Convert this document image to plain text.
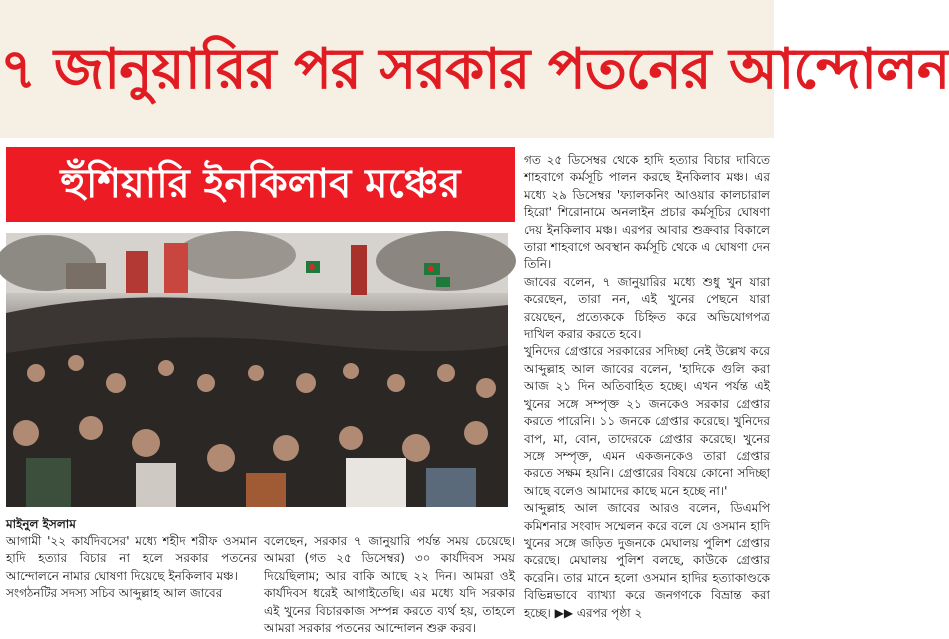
৭ জানুয়ারির পর সরকার পতনের আন্দোলন
হুঁশিয়ারি ইনকিলাব মঞ্চের
মাইনুল ইসলাম

আগামী '২২ কার্যদিবসের' মধ্যে শহীদ শরীফ ওসমান হাদি হত্যার বিচার না হলে সরকার পতনের আন্দোলনে নামার ঘোষণা দিয়েছে ইনকিলাব মঞ্চ।

সংগঠনটির সদস্য সচিব আব্দুল্লাহ আল জাবের

বলেছেন, সরকার ৭ জানুয়ারি পর্যন্ত সময় চেয়েছে। আমরা (গত ২৫ ডিসেম্বর) ৩০ কার্যদিবস সময় দিয়েছিলাম; আর বাকি আছে ২২ দিন। আমরা ওই কার্যদিবস ধরেই আগাইতেছি। এর মধ্যে যদি সরকার এই খুনের বিচারকাজ সম্পন্ন করতে ব্যর্থ হয়, তাহলে আমরা সরকার পতনের আন্দোলন শুরু করব।

গত ২৫ ডিসেম্বর থেকে হাদি হত্যার বিচার দাবিতে শাহবাগে কর্মসূচি পালন করছে ইনকিলাব মঞ্চ। এর মধ্যে ২৯ ডিসেম্বর 'ফ্যালকনিং আওয়ার কালচারাল হিরো' শিরোনামে অনলাইন প্রচার কর্মসূচির ঘোষণা দেয় ইনকিলাব মঞ্চ। এরপর আবার শুক্রবার বিকালে তারা শাহবাগে অবস্থান কর্মসূচি থেকে এ ঘোষণা দেন তিনি।

জাবের বলেন, ৭ জানুয়ারির মধ্যে শুধু খুন যারা করেছেন, তারা নন, এই খুনের পেছনে যারা রয়েছেন, প্রত্যেককে চিহ্নিত করে অভিযোগপত্র দাখিল করার করতে হবে।

খুনিদের গ্রেপ্তারে সরকারের সদিচ্ছা নেই উল্লেখ করে আব্দুল্লাহ আল জাবের বলেন, 'হাদিকে গুলি করা আজ ২১ দিন অতিবাহিত হচ্ছে। এখন পর্যন্ত এই খুনের সঙ্গে সম্পৃক্ত ২১ জনকেও সরকার গ্রেপ্তার করতে পারেনি। ১১ জনকে গ্রেপ্তার করেছে। খুনিদের বাপ, মা, বোন, তাদেরকে গ্রেপ্তার করেছে। খুনের সঙ্গে সম্পৃক্ত, এমন একজনকেও তারা গ্রেপ্তার করতে সক্ষম হয়নি। গ্রেপ্তারের বিষয়ে কোনো সদিচ্ছা আছে বলেও আমাদের কাছে মনে হচ্ছে না।'

আব্দুল্লাহ আল জাবের আরও বলেন, ডিএমপি কমিশনার সংবাদ সম্মেলন করে বলে যে ওসমান হাদি খুনের সঙ্গে জড়িত দুজনকে মেঘালয় পুলিশ গ্রেপ্তার করেছে। মেঘালয় পুলিশ বলছে, কাউকে গ্রেপ্তার করেনি। তার মানে হলো ওসমান হাদির হত্যাকাণ্ডকে বিভিন্নভাবে ব্যাখ্যা করে জনগণকে বিভ্রান্ত করা হচ্ছে। ▶▶ এরপর পৃষ্ঠা ২
